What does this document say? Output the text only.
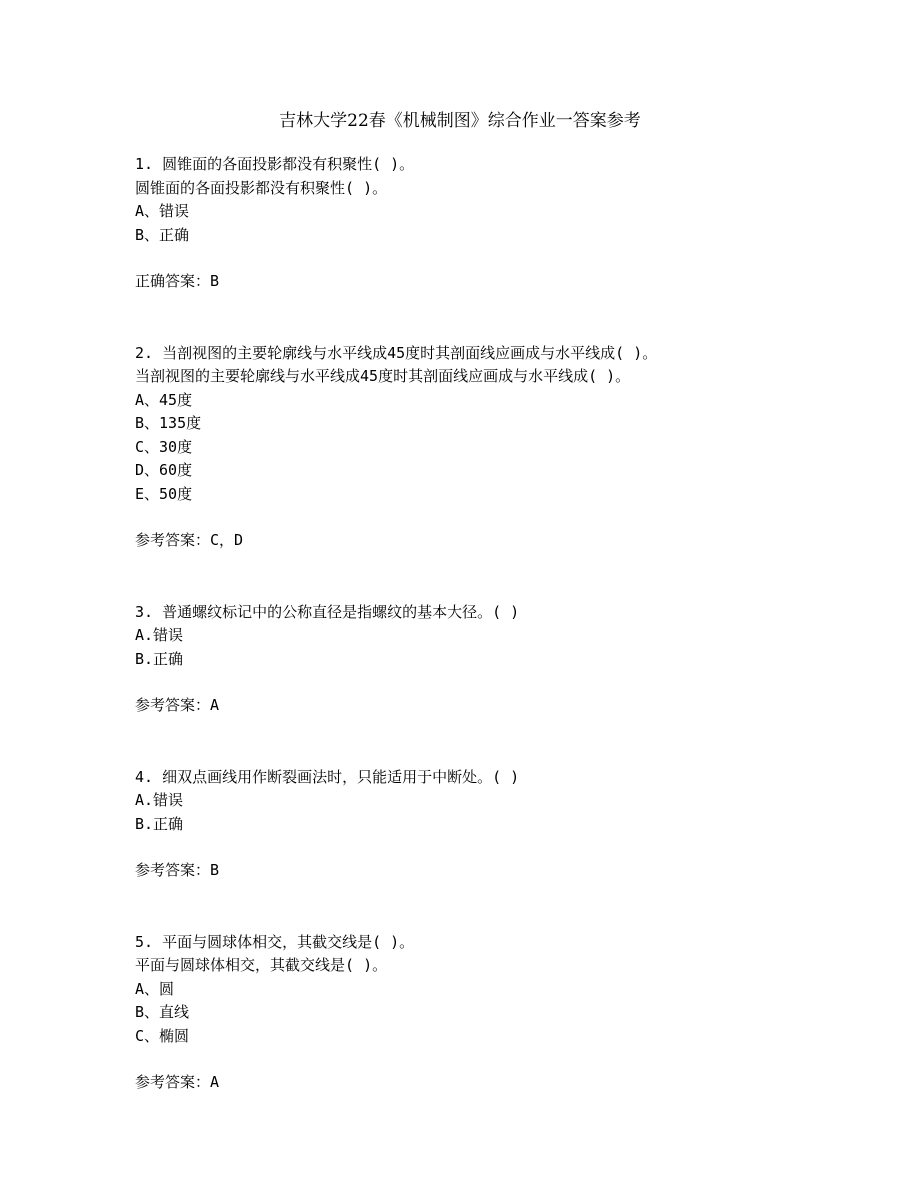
吉林大学22春《机械制图》综合作业一答案参考
1. 圆锥面的各面投影都没有积聚性( )。
圆锥面的各面投影都没有积聚性( )。
A、错误
B、正确
正确答案：B
2. 当剖视图的主要轮廓线与水平线成45度时其剖面线应画成与水平线成( )。
当剖视图的主要轮廓线与水平线成45度时其剖面线应画成与水平线成( )。
A、45度
B、135度
C、30度
D、60度
E、50度
参考答案：C，D
3. 普通螺纹标记中的公称直径是指螺纹的基本大径。( )
A.错误
B.正确
参考答案：A
4. 细双点画线用作断裂画法时，只能适用于中断处。( )
A.错误
B.正确
参考答案：B
5. 平面与圆球体相交，其截交线是( )。
平面与圆球体相交，其截交线是( )。
A、圆
B、直线
C、椭圆
参考答案：A
